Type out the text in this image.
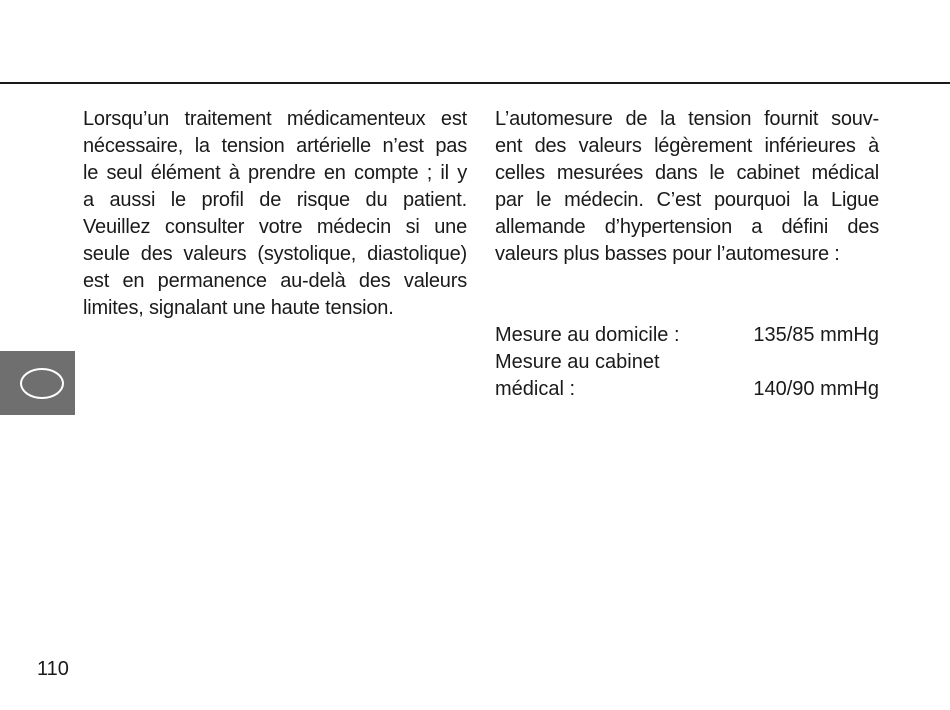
Lorsqu’un traitement médicamenteux est
nécessaire, la tension artérielle n’est pas
le seul élément à prendre en compte ; il y
a aussi le profil de risque du patient.
Veuillez consulter votre médecin si une
seule des valeurs (systolique, diastolique)
est en permanence au-delà des valeurs
limites, signalant une haute tension.

L’automesure de la tension fournit souv-
ent des valeurs légèrement inférieures à
celles mesurées dans le cabinet médical
par le médecin. C’est pourquoi la Ligue
allemande d’hypertension a défini des
valeurs plus basses pour l’automesure :

Mesure au domicile :	135/85 mmHg
Mesure au cabinet
médical :	140/90 mmHg
110
